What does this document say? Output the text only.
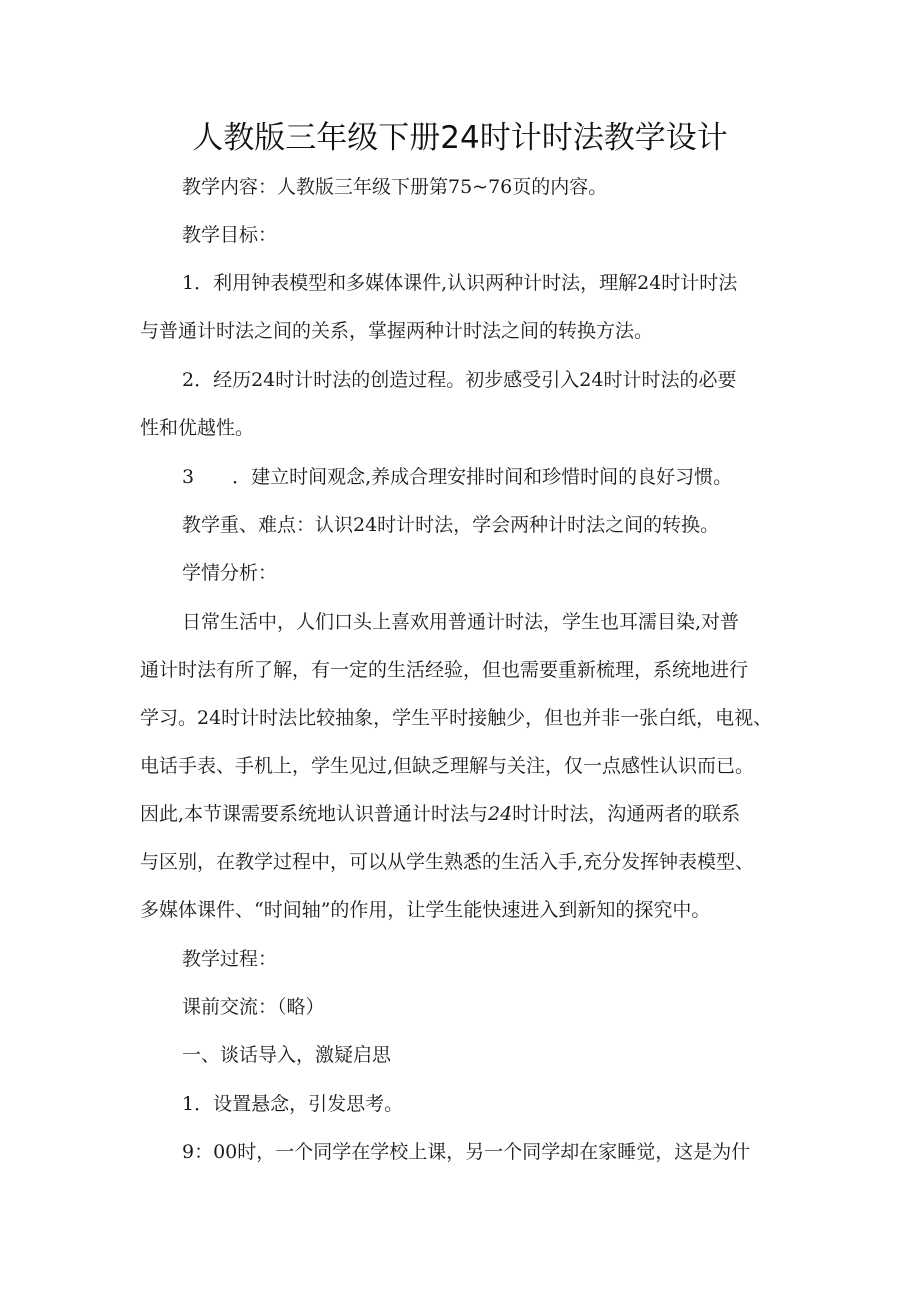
人教版三年级下册24时计时法教学设计
教学内容：人教版三年级下册第75~76页的内容。
教学目标：
1．利用钟表模型和多媒体课件,认识两种计时法，理解24时计时法
与普通计时法之间的关系，掌握两种计时法之间的转换方法。
2．经历24时计时法的创造过程。初步感受引入24时计时法的必要
性和优越性。
3 ．建立时间观念,养成合理安排时间和珍惜时间的良好习惯。
教学重、难点：认识24时计时法，学会两种计时法之间的转换。
学情分析：
日常生活中，人们口头上喜欢用普通计时法，学生也耳濡目染,对普
通计时法有所了解，有一定的生活经验，但也需要重新梳理，系统地进行
学习。24时计时法比较抽象，学生平时接触少，但也并非一张白纸，电视、
电话手表、手机上，学生见过,但缺乏理解与关注，仅一点感性认识而已。
因此,本节课需要系统地认识普通计时法与24时计时法，沟通两者的联系
与区别，在教学过程中，可以从学生熟悉的生活入手,充分发挥钟表模型、
多媒体课件、“时间轴”的作用，让学生能快速进入到新知的探究中。
教学过程：
课前交流：（略）
一、谈话导入，激疑启思
1．设置悬念，引发思考。
9：00时，一个同学在学校上课，另一个同学却在家睡觉，这是为什
